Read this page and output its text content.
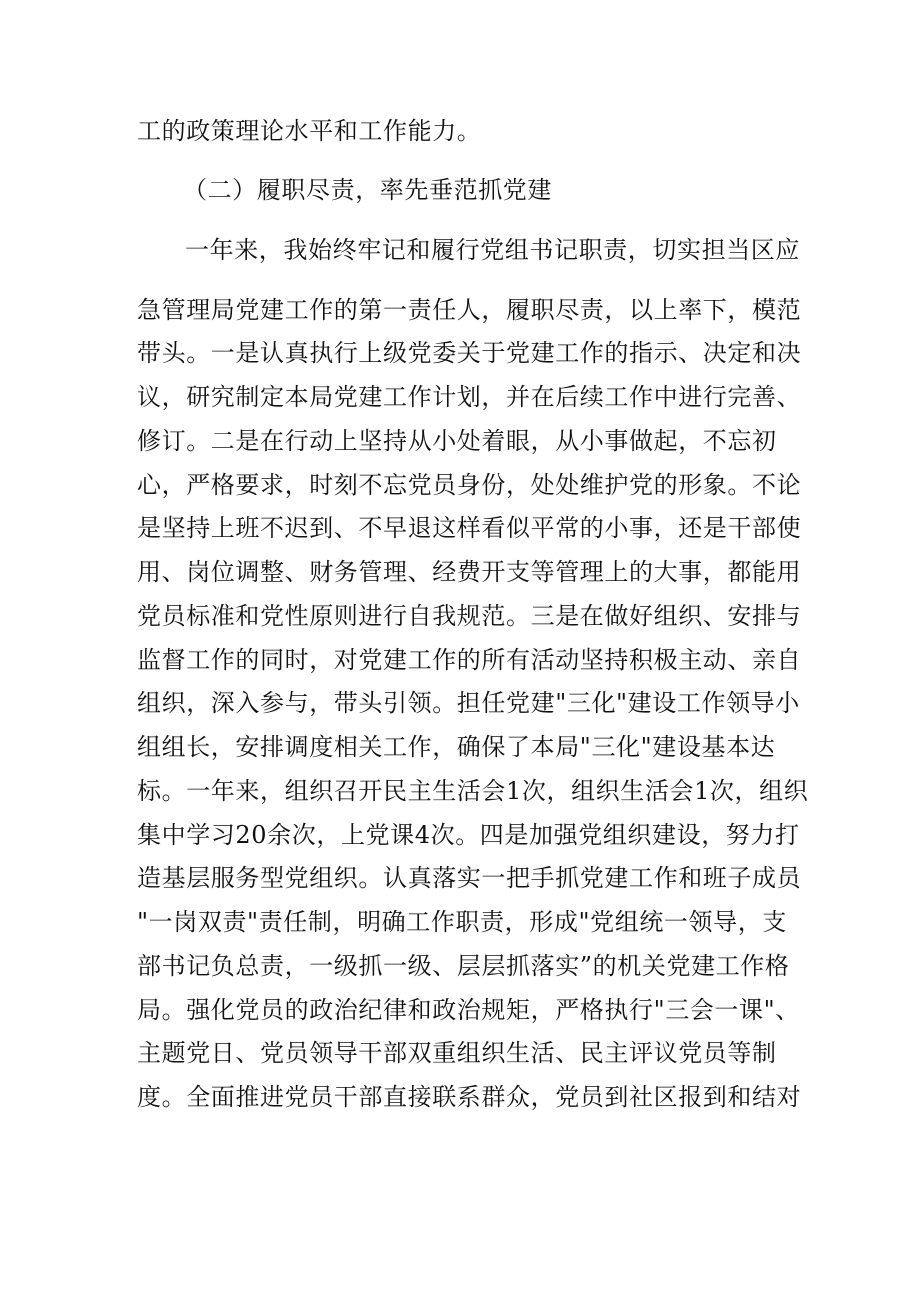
工的政策理论水平和工作能力。
（二）履职尽责，率先垂范抓党建
一年来，我始终牢记和履行党组书记职责，切实担当区应
急管理局党建工作的第一责任人，履职尽责，以上率下，模范
带头。一是认真执行上级党委关于党建工作的指示、决定和决
议，研究制定本局党建工作计划，并在后续工作中进行完善、
修订。二是在行动上坚持从小处着眼，从小事做起，不忘初
心，严格要求，时刻不忘党员身份，处处维护党的形象。不论
是坚持上班不迟到、不早退这样看似平常的小事，还是干部使
用、岗位调整、财务管理、经费开支等管理上的大事，都能用
党员标准和党性原则进行自我规范。三是在做好组织、安排与
监督工作的同时，对党建工作的所有活动坚持积极主动、亲自
组织，深入参与，带头引领。担任党建"三化"建设工作领导小
组组长，安排调度相关工作，确保了本局"三化"建设基本达
标。一年来，组织召开民主生活会1次，组织生活会1次，组织
集中学习20余次，上党课4次。四是加强党组织建设，努力打
造基层服务型党组织。认真落实一把手抓党建工作和班子成员
"一岗双责"责任制，明确工作职责，形成"党组统一领导，支
部书记负总责，一级抓一级、层层抓落实”的机关党建工作格
局。强化党员的政治纪律和政治规矩，严格执行"三会一课"、
主题党日、党员领导干部双重组织生活、民主评议党员等制
度。全面推进党员干部直接联系群众，党员到社区报到和结对
